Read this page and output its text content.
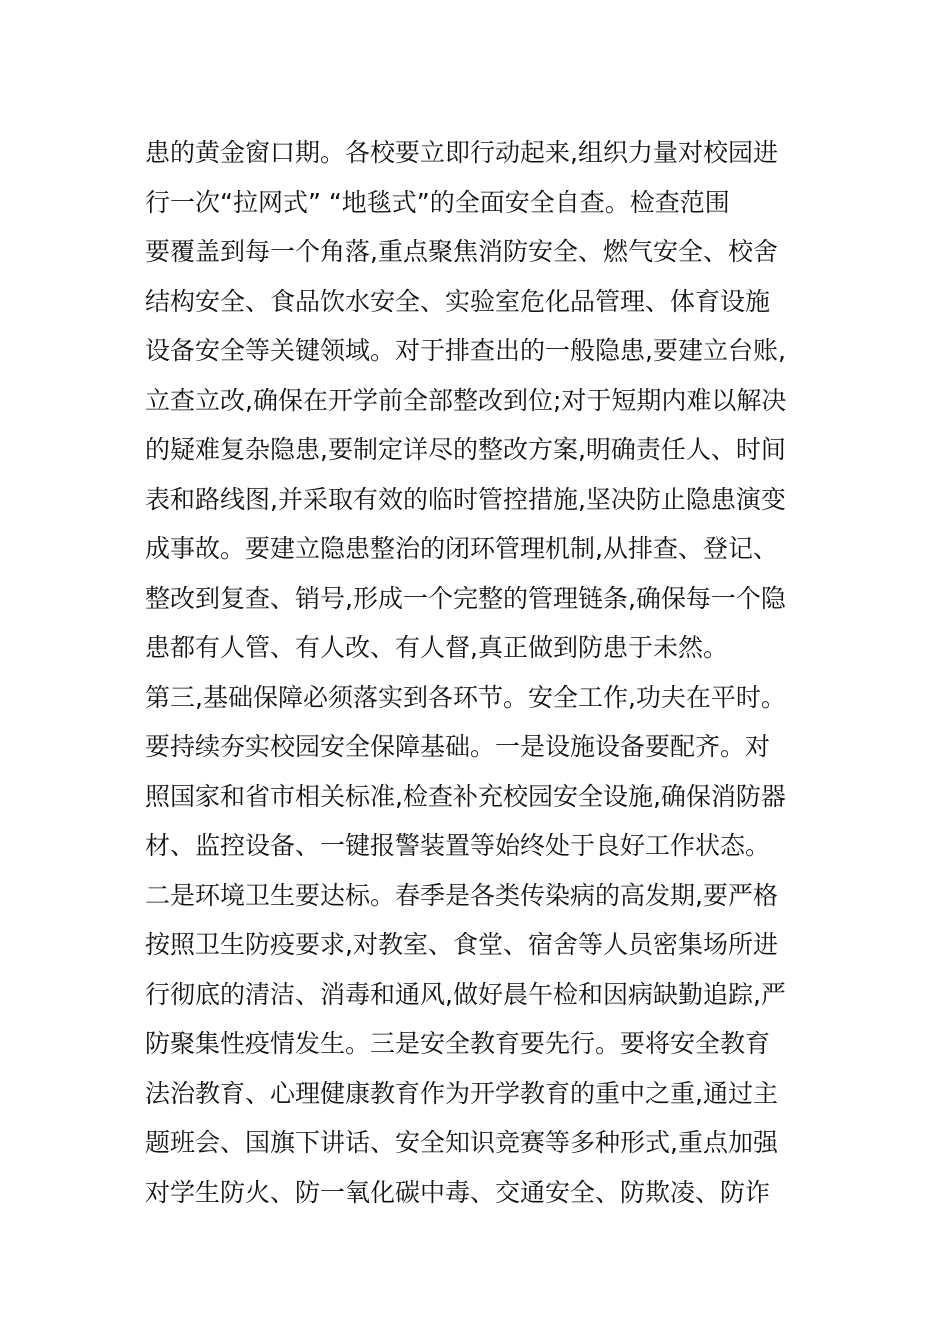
患的黄金窗口期。各校要立即行动起来,组织力量对校园进
行一次“拉网式” “地毯式”的全面安全自查。检查范围
要覆盖到每一个角落,重点聚焦消防安全、燃气安全、校舍
结构安全、食品饮水安全、实验室危化品管理、体育设施
设备安全等关键领域。对于排查出的一般隐患,要建立台账,
立查立改,确保在开学前全部整改到位;对于短期内难以解决
的疑难复杂隐患,要制定详尽的整改方案,明确责任人、时间
表和路线图,并采取有效的临时管控措施,坚决防止隐患演变
成事故。要建立隐患整治的闭环管理机制,从排查、登记、
整改到复查、销号,形成一个完整的管理链条,确保每一个隐
患都有人管、有人改、有人督,真正做到防患于未然。
第三,基础保障必须落实到各环节。安全工作,功夫在平时。
要持续夯实校园安全保障基础。一是设施设备要配齐。对
照国家和省市相关标准,检查补充校园安全设施,确保消防器
材、监控设备、一键报警装置等始终处于良好工作状态。
二是环境卫生要达标。春季是各类传染病的高发期,要严格
按照卫生防疫要求,对教室、食堂、宿舍等人员密集场所进
行彻底的清洁、消毒和通风,做好晨午检和因病缺勤追踪,严
防聚集性疫情发生。三是安全教育要先行。要将安全教育
法治教育、心理健康教育作为开学教育的重中之重,通过主
题班会、国旗下讲话、安全知识竞赛等多种形式,重点加强
对学生防火、防一氧化碳中毒、交通安全、防欺凌、防诈
